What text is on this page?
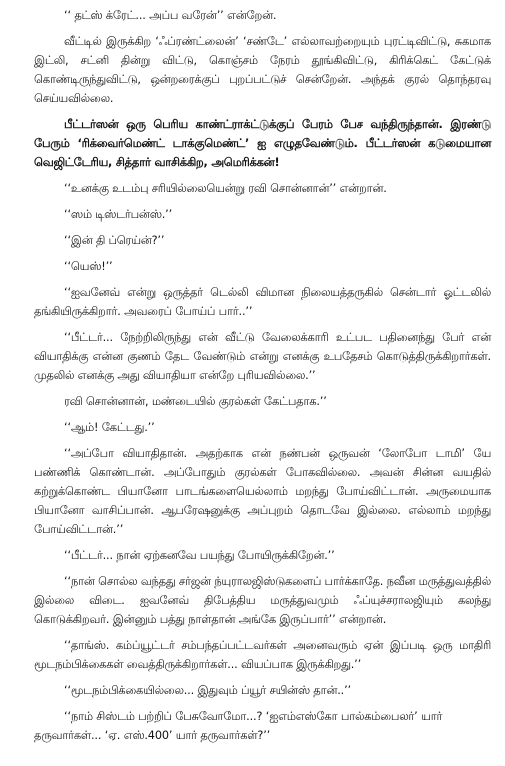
‘‘ தட்ஸ் க்ரேட்... அப்ப வரேன்’’ என்றேன்.

வீட்டில் இருக்கிற ‘ஃப்ரண்ட்லைன்’ ‘சண்டே’ எல்லாவற்றையும் புரட்டிவிட்டு, சுகமாக இட்லி, சட்னி தின்று விட்டு, கொஞ்சம் நேரம் தூங்கிவிட்டு, கிரிக்கெட் கேட்டுக் கொண்டிருந்துவிட்டு, ஒன்றரைக்குப் புறப்பட்டுச் சென்றேன். அந்தக் குரல் தொந்தரவு செய்யவில்லை.

பீட்டர்ஸன் ஒரு பெரிய காண்ட்ராக்ட்டுக்குப் பேரம் பேச வந்திருந்தான். இரண்டு பேரும் ‘ரிக்வைர்மெண்ட் டாக்குமெண்ட்’ ஐ எழுதவேண்டும். பீட்டர்ஸன் கடுமையான வெஜிட்டேரிய, சித்தார் வாசிக்கிற, அமெரிக்கன்!

‘‘உனக்கு உடம்பு சரியில்லையென்று ரவி சொன்னான்’’ என்றான்.

‘‘ஸம் டிஸ்டர்பன்ஸ்.’’

‘‘இன் தி ப்ரெய்ன்?’’

‘‘யெஸ்!’’

‘‘ஐவனேவ் என்று ஒருத்தர் டெல்லி விமான நிலையத்தருகில் சென்டார் ஓட்டலில் தங்கியிருக்கிறார். அவரைப் போய்ப் பார்..’’

‘‘பீட்டர்... நேற்றிலிருந்து என் வீட்டு வேலைக்காரி உட்பட பதினைந்து பேர் என் வியாதிக்கு என்ன குணம் தேட வேண்டும் என்று எனக்கு உபதேசம் கொடுத்திருக்கிறார்கள். முதலில் எனக்கு அது வியாதியா என்றே புரியவில்லை.’’

ரவி சொன்னான், மண்டையில் குரல்கள் கேட்பதாக.’’

‘‘ஆம்! கேட்டது.’’

‘‘அப்போ வியாதிதான். அதற்காக என் நண்பன் ஒருவன் ‘லோபோ டாமி’ யே பண்ணிக் கொண்டான். அப்போதும் குரல்கள் போகவில்லை. அவன் சின்ன வயதில் கற்றுக்கொண்ட பியானோ பாடங்களையெல்லாம் மறந்து போய்விட்டான். அருமையாக பியானோ வாசிப்பான். ஆபரேஷனுக்கு அப்புறம் தொடவே இல்லை. எல்லாம் மறந்து போய்விட்டான்.’’

‘‘பீட்டர்... நான் ஏற்கனவே பயந்து போயிருக்கிறேன்.’’

‘‘நான் சொல்ல வந்தது சர்ஜன் ந்யுராலஜிஸ்டுகளைப் பார்க்காதே. நவீன மருத்துவத்தில் இல்லை விடை. ஐவனேவ் திபேத்திய மருத்துவமும் ஃப்யுச்சராலஜியும் கலந்து கொடுக்கிறவர். இன்னும் பத்து நாள்தான் அங்கே இருப்பார்’’ என்றான்.

‘‘தாங்ஸ். கம்ப்யூட்டர் சம்பந்தப்பட்டவர்கள் அனைவரும் ஏன் இப்படி ஒரு மாதிரி மூடநம்பிக்கைகள் வைத்திருக்கிறார்கள்... வியப்பாக இருக்கிறது.’’

‘‘மூடநம்பிக்கையில்லை... இதுவும் ப்யூர் சயின்ஸ் தான்..’’

‘‘நாம் சிஸ்டம் பற்றிப் பேசுவோமோ...? ‘ஐஎம்எஸ்கோ பால்கம்பைலர்’ யார் தருவார்கள்... ‘ஏ. எஸ்.400’ யார் தருவார்கள்?’’
